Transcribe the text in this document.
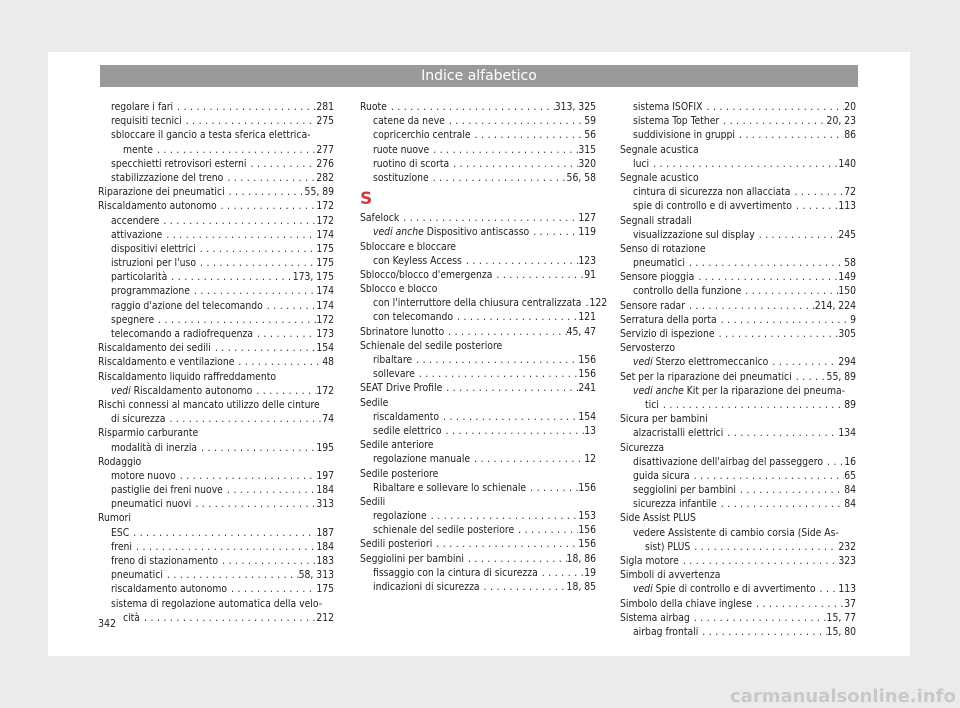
Indice alfabetico
regolare i fari . . .	281
requisiti tecnici . . .	275
sbloccare il gancio a testa sferica elettrica-
mente . . .	277
specchietti retrovisori esterni . . .	276
stabilizzazione del treno . . .	282
Riparazione dei pneumatici . . .	55, 89
Riscaldamento autonomo . . .	172
accendere . . .	172
attivazione . . .	174
dispositivi elettrici . . .	175
istruzioni per l'uso . . .	175
particolarità . . .	173, 175
programmazione . . .	174
raggio d'azione del telecomando . . .	174
spegnere . . .	172
telecomando a radiofrequenza . . .	173
Riscaldamento dei sedili . . .	154
Riscaldamento e ventilazione . . .	48
Riscaldamento liquido raffreddamento
vedi Riscaldamento autonomo . . .	172
Rischi connessi al mancato utilizzo delle cinture
di sicurezza . . .	74
Risparmio carburante
modalità di inerzia . . .	195
Rodaggio
motore nuovo . . .	197
pastiglie dei freni nuove . . .	184
pneumatici nuovi . . .	313
Rumori
ESC . . .	187
freni . . .	184
freno di stazionamento . . .	183
pneumatici . . .	58, 313
riscaldamento autonomo . . .	175
sistema di regolazione automatica della velo-
cità . . .	212
Ruote . . .	313, 325
catene da neve . . .	59
copricerchio centrale . . .	56
ruote nuove . . .	315
ruotino di scorta . . .	320
sostituzione . . .	56, 58
S
Safelock . . .	127
vedi anche Dispositivo antiscasso . . .	119
Sbloccare e bloccare
con Keyless Access . . .	123
Sblocco/blocco d'emergenza . . .	91
Sblocco e blocco
con l'interruttore della chiusura centralizzata . . . 122
con telecomando . . .	121
Sbrinatore lunotto . . .	45, 47
Schienale del sedile posteriore
ribaltare . . .	156
sollevare . . .	156
SEAT Drive Profile . . .	241
Sedile
riscaldamento . . .	154
sedile elettrico . . .	13
Sedile anteriore
regolazione manuale . . .	12
Sedile posteriore
Ribaltare e sollevare lo schienale . . .	156
Sedili
regolazione . . .	153
schienale del sedile posteriore . . .	156
Sedili posteriori . . .	156
Seggiolini per bambini . . .	18, 86
fissaggio con la cintura di sicurezza . . .	19
indicazioni di sicurezza . . .	18, 85
sistema ISOFIX . . .	20
sistema Top Tether . . .	20, 23
suddivisione in gruppi . . .	86
Segnale acustica
luci . . .	140
Segnale acustico
cintura di sicurezza non allacciata . . .	72
spie di controllo e di avvertimento . . .	113
Segnali stradali
visualizzazione sul display . . .	245
Senso di rotazione
pneumatici . . .	58
Sensore pioggia . . .	149
controllo della funzione . . .	150
Sensore radar . . .	214, 224
Serratura della porta . . .	9
Servizio di ispezione . . .	305
Servosterzo
vedi Sterzo elettromeccanico . . .	294
Set per la riparazione dei pneumatici . . .	55, 89
vedi anche Kit per la riparazione dei pneuma-
tici . . .	89
Sicura per bambini
alzacristalli elettrici . . .	134
Sicurezza
disattivazione dell'airbag del passeggero . . . 16
guida sicura . . .	65
seggiolini per bambini . . .	84
sicurezza infantile . . .	84
Side Assist PLUS
vedere Assistente di cambio corsia (Side As-
sist) PLUS . . .	232
Sigla motore . . .	323
Simboli di avvertenza
vedi Spie di controllo e di avvertimento . . . 113
Simbolo della chiave inglese . . .	37
Sistema airbag . . .	15, 77
airbag frontali . . .	15, 80
342
carmanualsonline.info
